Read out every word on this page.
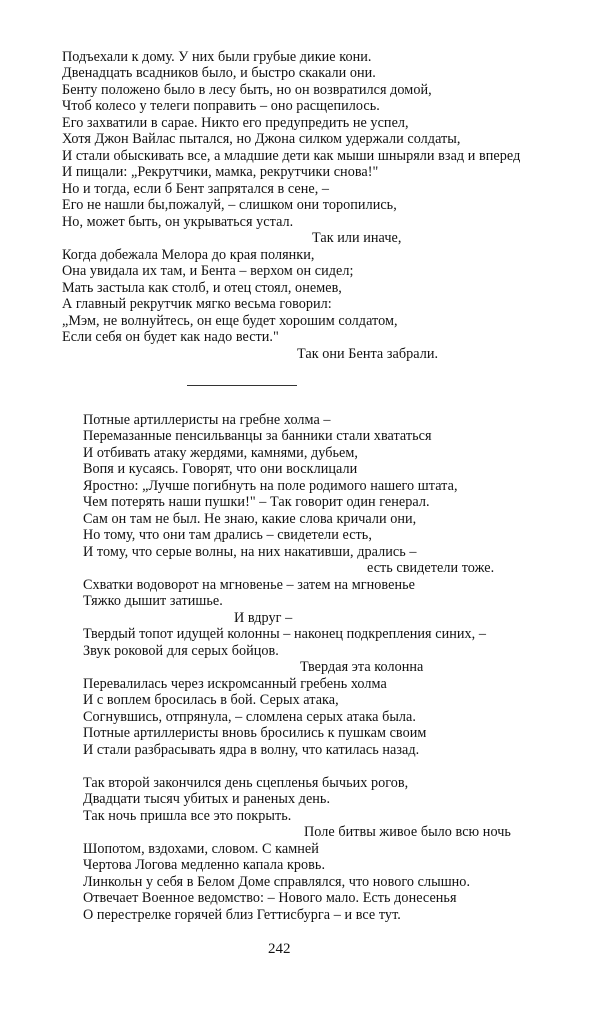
Подъехали к дому. У них были грубые дикие кони.
Двенадцать всадников было, и быстро скакали они.
Бенту положено было в лесу быть, но он возвратился домой,
Чтоб колесо у телеги поправить – оно расщепилось.
Его захватили в сарае. Никто его предупредить не успел,
Хотя Джон Вайлас пытался, но Джона силком удержали солдаты,
И стали обыскивать все, а младшие дети как мыши шныряли взад и вперед
И пищали: „Рекрутчики, мамка, рекрутчики снова!"
Но и тогда, если б Бент запрятался в сене, –
Его не нашли бы,пожалуй, – слишком они торопились,
Но, может быть, он укрываться устал.
Так или иначе,
Когда добежала Мелора до края полянки,
Она увидала их там, и Бента – верхом он сидел;
Мать застыла как столб, и отец стоял, онемев,
А главный рекрутчик мягко весьма говорил:
„Мэм, не волнуйтесь, он еще будет хорошим солдатом,
Если себя он будет как надо вести."
Так они Бента забрали.
Потные артиллеристы на гребне холма –
Перемазанные пенсильванцы за банники стали хвататься
И отбивать атаку жердями, камнями, дубьем,
Вопя и кусаясь. Говорят, что они восклицали
Яростно: „Лучше погибнуть на поле родимого нашего штата,
Чем потерять наши пушки!" – Так говорит один генерал.
Сам он там не был. Не знаю, какие слова кричали они,
Но тому, что они там дрались – свидетели есть,
И тому, что серые волны, на них накативши, дрались –
есть свидетели тоже.
Схватки водоворот на мгновенье – затем на мгновенье
Тяжко дышит затишье.
И вдруг –
Твердый топот идущей колонны – наконец подкрепления синих, –
Звук роковой для серых бойцов.
Твердая эта колонна
Перевалилась через искромсанный гребень холма
И с воплем бросилась в бой. Серых атака,
Согнувшись, отпрянула, – сломлена серых атака была.
Потные артиллеристы вновь бросились к пушкам своим
И стали разбрасывать ядра в волну, что катилась назад.
Так второй закончился день сцепленья бычьих рогов,
Двадцати тысяч убитых и раненых день.
Так ночь пришла все это покрыть.
Поле битвы живое было всю ночь
Шопотом, вздохами, словом. С камней
Чертова Логова медленно капала кровь.
Линкольн у себя в Белом Доме справлялся, что нового слышно.
Отвечает Военное ведомство: – Нового мало. Есть донесенья
О перестрелке горячей близ Геттисбурга – и все тут.
242
